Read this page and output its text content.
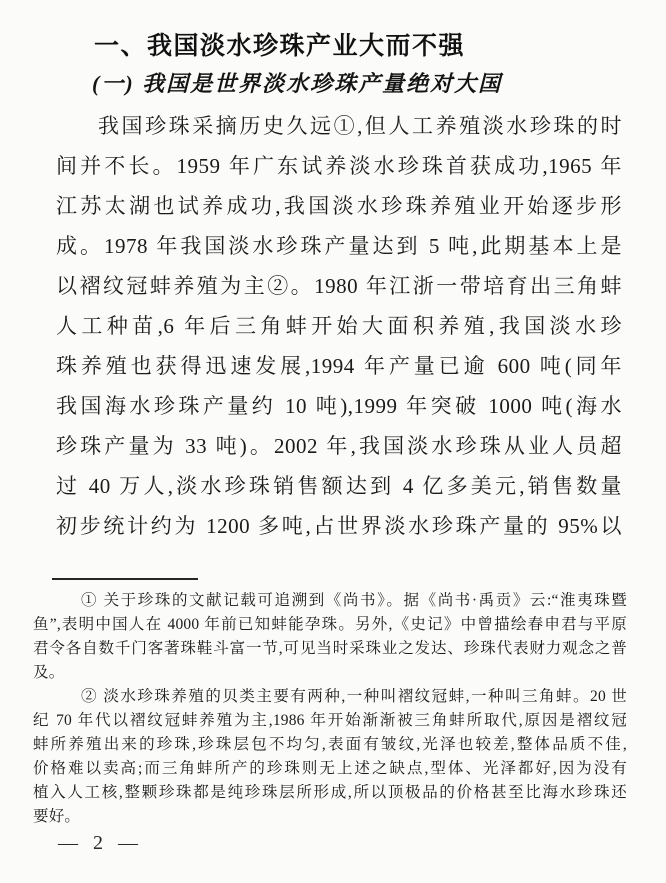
一、我国淡水珍珠产业大而不强
(一) 我国是世界淡水珍珠产量绝对大国
我国珍珠采摘历史久远①,但人工养殖淡水珍珠的时
间并不长。1959 年广东试养淡水珍珠首获成功,1965 年
江苏太湖也试养成功,我国淡水珍珠养殖业开始逐步形
成。1978 年我国淡水珍珠产量达到 5 吨,此期基本上是
以褶纹冠蚌养殖为主②。1980 年江浙一带培育出三角蚌
人工种苗,6 年后三角蚌开始大面积养殖,我国淡水珍
珠养殖也获得迅速发展,1994 年产量已逾 600 吨(同年
我国海水珍珠产量约 10 吨),1999 年突破 1000 吨(海水
珍珠产量为 33 吨)。2002 年,我国淡水珍珠从业人员超
过 40 万人,淡水珍珠销售额达到 4 亿多美元,销售数量
初步统计约为 1200 多吨,占世界淡水珍珠产量的 95%以
① 关于珍珠的文献记载可追溯到《尚书》。据《尚书·禹贡》云:“淮夷珠暨
鱼”,表明中国人在 4000 年前已知蚌能孕珠。另外,《史记》中曾描绘春申君与平原
君令各自数千门客著珠鞋斗富一节,可见当时采珠业之发达、珍珠代表财力观念之普
及。
② 淡水珍珠养殖的贝类主要有两种,一种叫褶纹冠蚌,一种叫三角蚌。20 世
纪 70 年代以褶纹冠蚌养殖为主,1986 年开始渐渐被三角蚌所取代,原因是褶纹冠
蚌所养殖出来的珍珠,珍珠层包不均匀,表面有皱纹,光泽也较差,整体品质不佳,
价格难以卖高;而三角蚌所产的珍珠则无上述之缺点,型体、光泽都好,因为没有
植入人工核,整颗珍珠都是纯珍珠层所形成,所以顶极品的价格甚至比海水珍珠还
要好。
— 2 —
